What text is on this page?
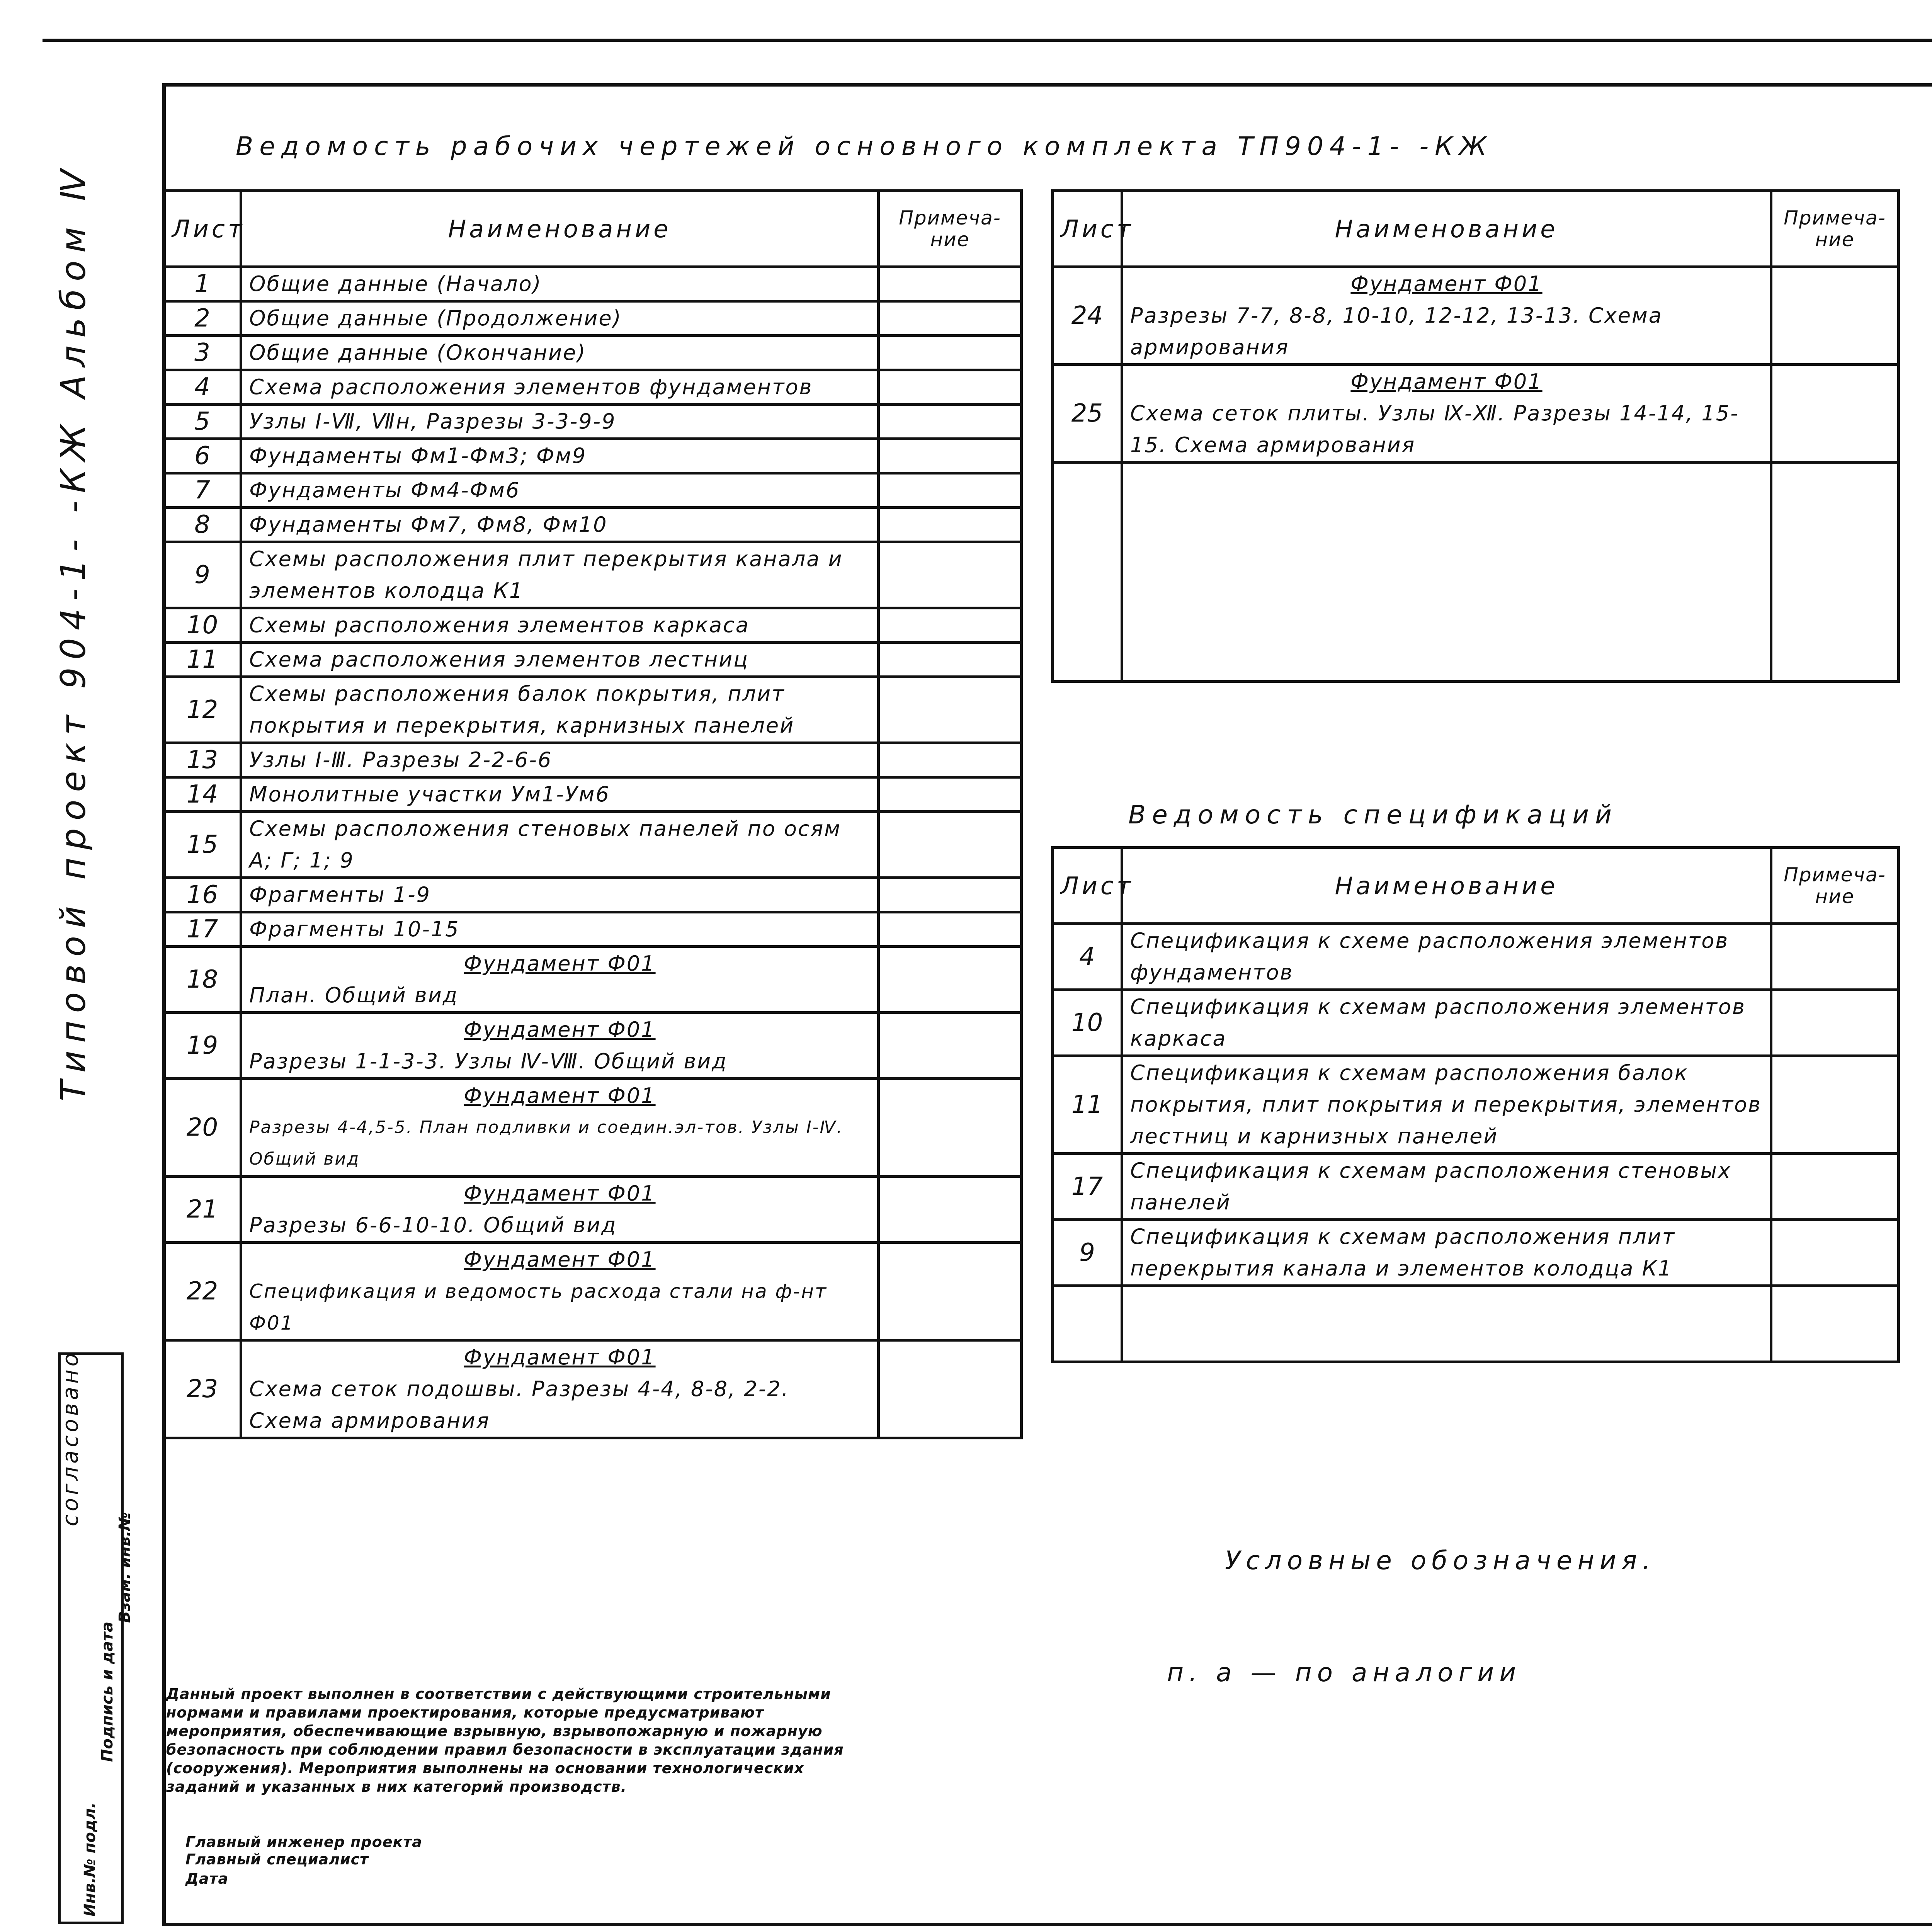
Типовой проект 904-1- -КЖ Альбом Ⅳ
согласовано
Инв.№ подл.
Подпись и дата
Взам. инв.№
Ведомость рабочих чертежей основного комплекта ТП904-1- -КЖ
Лист	Наименование	Примеча-ние
1	Общие данные (Начало)	
2	Общие данные (Продолжение)	
3	Общие данные (Окончание)	
4	Схема расположения элементов фундаментов	
5	Узлы I-Ⅶ, Ⅶн, Разрезы 3-3-9-9	
6	Фундаменты Фм1-Фм3; Фм9	
7	Фундаменты Фм4-Фм6	
8	Фундаменты Фм7, Фм8, Фм10	
9	Схемы расположения плит перекрытия канала и элементов колодца К1	
10	Схемы расположения элементов каркаса	
11	Схема расположения элементов лестниц	
12	Схемы расположения балок покрытия, плит покрытия и перекрытия, карнизных панелей	
13	Узлы I-Ⅲ. Разрезы 2-2-6-6	
14	Монолитные участки Ум1-Ум6	
15	Схемы расположения стеновых панелей по осям А; Г; 1; 9	
16	Фрагменты 1-9	
17	Фрагменты 10-15	
18	Фундамент Ф01
План. Общий вид	

19	Фундамент Ф01
Разрезы 1-1-3-3. Узлы Ⅳ-Ⅷ. Общий вид	

20	Фундамент Ф01
Разрезы 4-4,5-5. План подливки и соедин.эл-тов. Узлы I-Ⅳ. Общий вид	

21	Фундамент Ф01
Разрезы 6-6-10-10. Общий вид	

22	Фундамент Ф01
Спецификация и ведомость расхода стали на ф-нт Ф01	

23	Фундамент Ф01
Схема сеток подошвы. Разрезы 4-4, 8-8, 2-2. Схема армирования	

Лист	Наименование	Примеча-ние
24	Фундамент Ф01
Разрезы 7-7, 8-8, 10-10, 12-12, 13-13. Схема армирования	

25	Фундамент Ф01
Схема сеток плиты. Узлы Ⅸ-Ⅻ. Разрезы 14-14, 15-15. Схема армирования	

Ведомость спецификаций
Лист	Наименование	Примеча-ние
4	Спецификация к схеме расположения элементов фундаментов	
10	Спецификация к схемам расположения элементов каркаса	
11	Спецификация к схемам расположения балок покрытия, плит покрытия и перекрытия, элементов лестниц и карнизных панелей	
17	Спецификация к схемам расположения стеновых панелей	
9	Спецификация к схемам расположения плит перекрытия канала и элементов колодца К1	

Условные обозначения.
п. а — по аналогии
Данный проект выполнен в соответствии с действующими строительными нормами и правилами проектирования, которые предусматривают мероприятия, обеспечивающие взрывную, взрывопожарную и пожарную безопасность при соблюдении правил безопасности в эксплуатации здания (сооружения). Мероприятия выполнены на основании технологических заданий и указанных в них категорий производств.
Главный инженер проекта
Главный специалист
Дата
